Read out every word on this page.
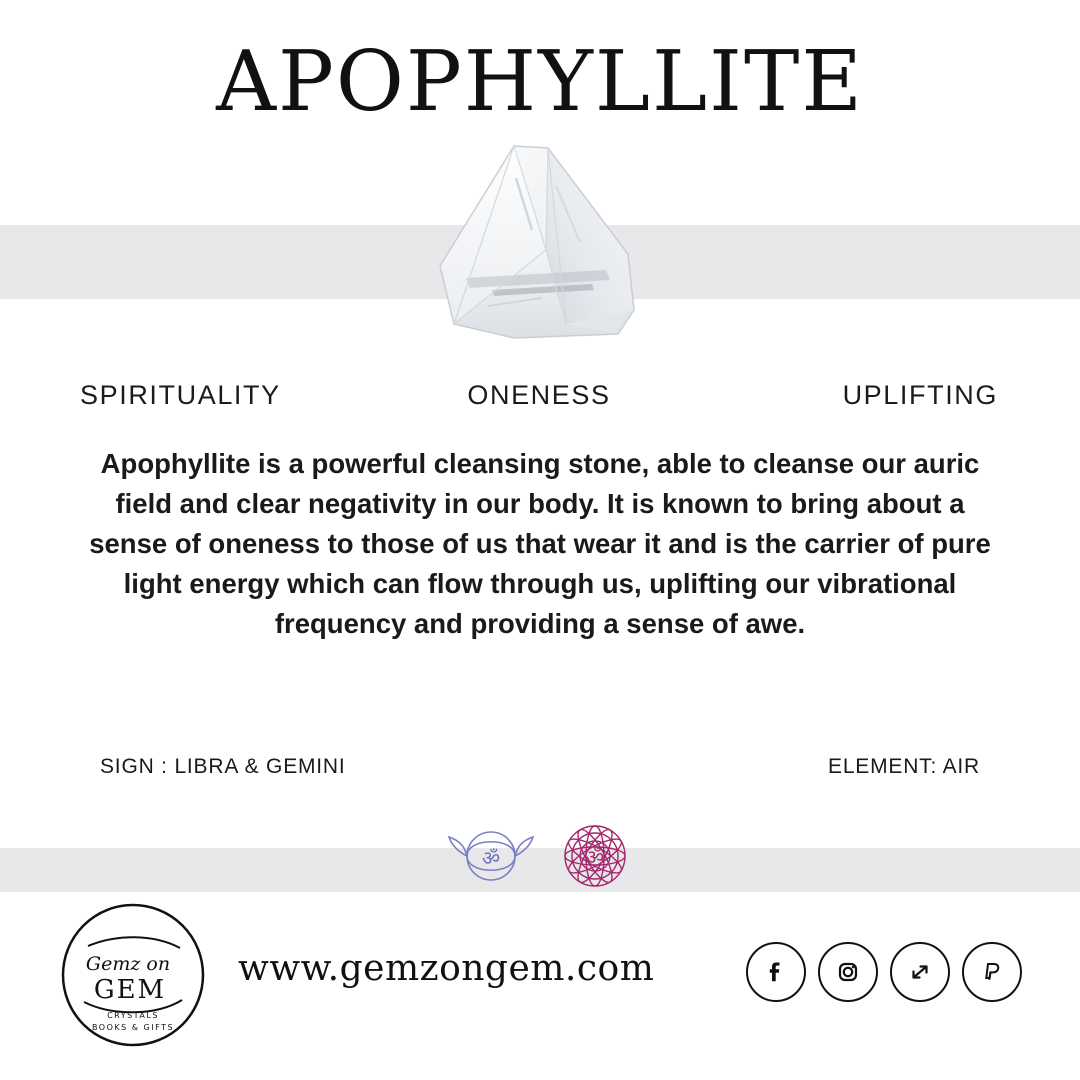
APOPHYLLITE
SPIRITUALITY	ONENESS	UPLIFTING
Apophyllite is a powerful cleansing stone, able to cleanse our auric field and clear negativity in our body. It is known to bring about a sense of oneness to those of us that wear it and is the carrier of pure light energy which can flow through us, uplifting our vibrational frequency and providing a sense of awe.
SIGN : LIBRA & GEMINI	ELEMENT: AIR
ॐ	ॐ
Gemz on
GEM
CRYSTALS
BOOKS & GIFTS
www.gemzongem.com
